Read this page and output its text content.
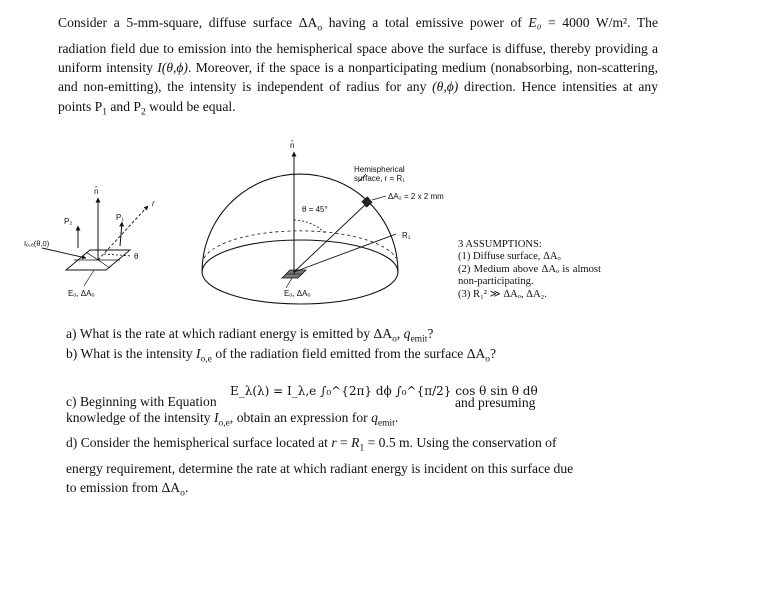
Consider a 5-mm-square, diffuse surface $\Delta A_o$ having a total emissive power of E₀ = 4000 W/m². The radiation field due to emission into the hemispherical space above the surface is diffuse, thereby providing a uniform intensity I(θ,ϕ). Moreover, if the space is a nonparticipating medium (nonabsorbing, non-scattering, and non-emitting), the intensity is independent of radius for any (θ,ϕ) direction. Hence intensities at any points $P_1$ and $P_2$ would be equal.
n̂
P₂	P₁
r
θ
Iₒ,ₑ(θ,0)
Eₒ, ΔAₒ
n̂
θ = 45°
Hemispherical
surface, r = R₁
ΔA₂ = 2 x 2 mm
R₁
Eₒ, ΔAₒ
3 ASSUMPTIONS:
(1) Diffuse surface, ΔAₒ
(2) Medium above ΔAₒ is almost non-participating.
(3) R₁² ≫ ΔAₒ, ΔA₂.
a) What is the rate at which radiant energy is emitted by $\Delta A_o$, $q_{emit}$?
b) What is the intensity $I_{o,e}$ of the radiation field emitted from the surface $\Delta A_o$?
c) Beginning with Equation
E_λ(λ) = I_λ,e ∫₀^{2π} dϕ ∫₀^{π/2} cos θ sin θ dθ
knowledge of the intensity $I_{o,e}$, obtain an expression for $q_{emit}$.
and presuming
d) Consider the hemispherical surface located at $r = R_1 = 0.5$ m. Using the conservation of energy requirement, determine the rate at which radiant energy is incident on this surface due to emission from $\Delta A_o$.
